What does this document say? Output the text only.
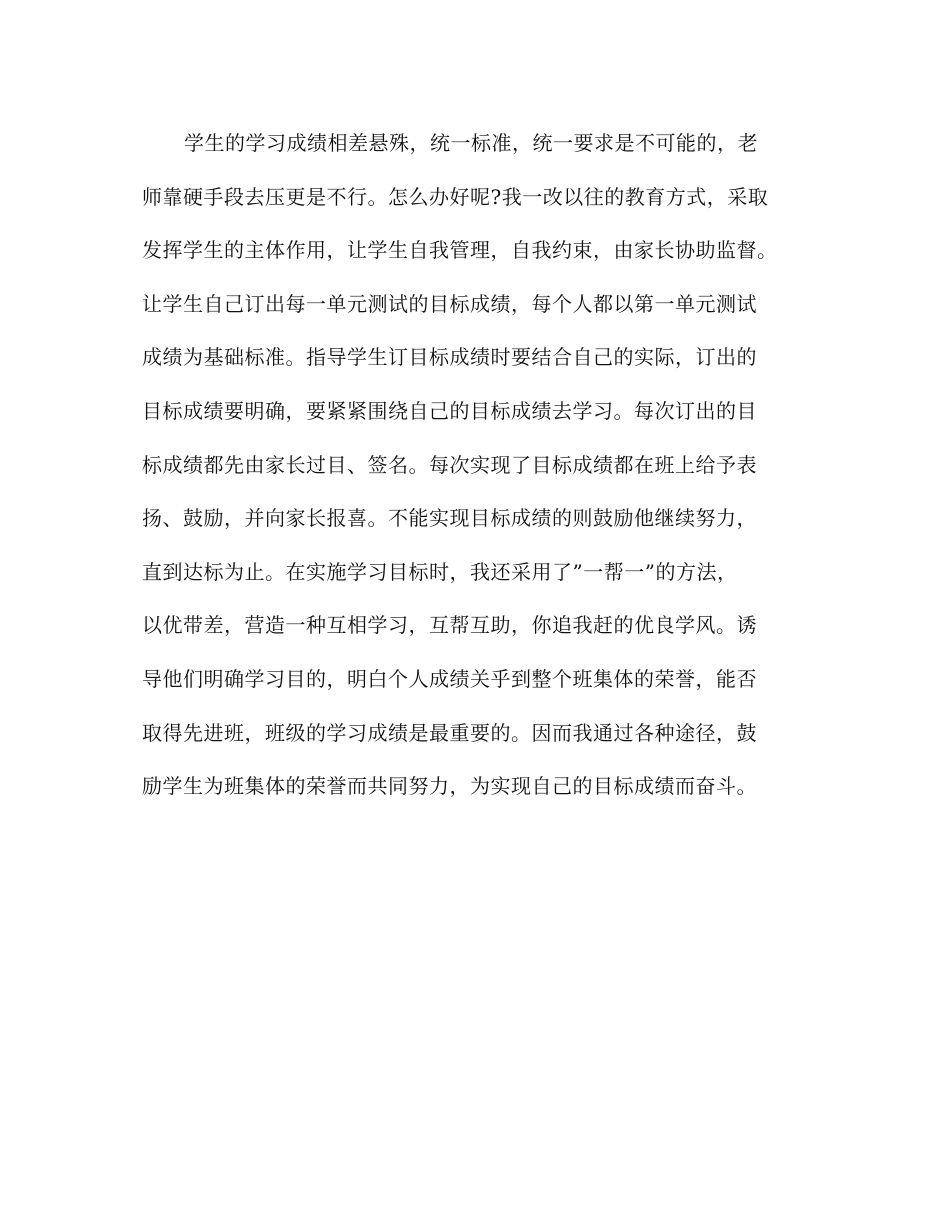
学生的学习成绩相差悬殊，统一标准，统一要求是不可能的，老
师靠硬手段去压更是不行。怎么办好呢?我一改以往的教育方式，采取
发挥学生的主体作用，让学生自我管理，自我约束，由家长协助监督。
让学生自己订出每一单元测试的目标成绩，每个人都以第一单元测试
成绩为基础标准。指导学生订目标成绩时要结合自己的实际，订出的
目标成绩要明确，要紧紧围绕自己的目标成绩去学习。每次订出的目
标成绩都先由家长过目、签名。每次实现了目标成绩都在班上给予表
扬、鼓励，并向家长报喜。不能实现目标成绩的则鼓励他继续努力，
直到达标为止。在实施学习目标时，我还采用了”一帮一”的方法，
以优带差，营造一种互相学习，互帮互助，你追我赶的优良学风。诱
导他们明确学习目的，明白个人成绩关乎到整个班集体的荣誉，能否
取得先进班，班级的学习成绩是最重要的。因而我通过各种途径，鼓
励学生为班集体的荣誉而共同努力，为实现自己的目标成绩而奋斗。
